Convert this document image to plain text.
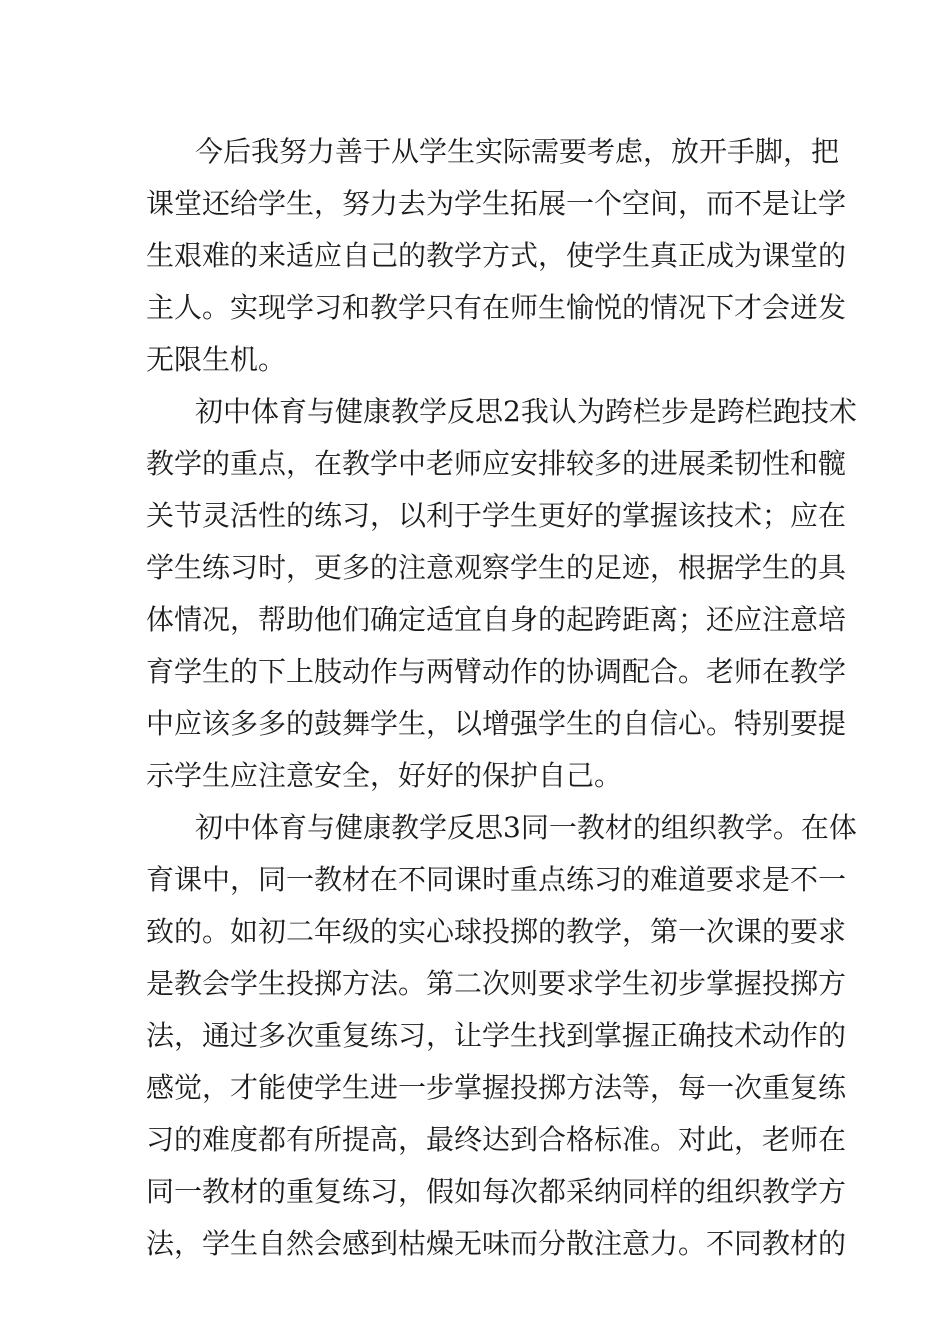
今后我努力善于从学生实际需要考虑，放开手脚，把
课堂还给学生，努力去为学生拓展一个空间，而不是让学
生艰难的来适应自己的教学方式，使学生真正成为课堂的
主人。实现学习和教学只有在师生愉悦的情况下才会迸发
无限生机。
初中体育与健康教学反思2我认为跨栏步是跨栏跑技术
教学的重点，在教学中老师应安排较多的进展柔韧性和髋
关节灵活性的练习，以利于学生更好的掌握该技术；应在
学生练习时，更多的注意观察学生的足迹，根据学生的具
体情况，帮助他们确定适宜自身的起跨距离；还应注意培
育学生的下上肢动作与两臂动作的协调配合。老师在教学
中应该多多的鼓舞学生，以增强学生的自信心。特别要提
示学生应注意安全，好好的保护自己。
初中体育与健康教学反思3同一教材的组织教学。在体
育课中，同一教材在不同课时重点练习的难道要求是不一
致的。如初二年级的实心球投掷的教学，第一次课的要求
是教会学生投掷方法。第二次则要求学生初步掌握投掷方
法，通过多次重复练习，让学生找到掌握正确技术动作的
感觉，才能使学生进一步掌握投掷方法等，每一次重复练
习的难度都有所提高，最终达到合格标准。对此，老师在
同一教材的重复练习，假如每次都采纳同样的组织教学方
法，学生自然会感到枯燥无味而分散注意力。不同教材的
